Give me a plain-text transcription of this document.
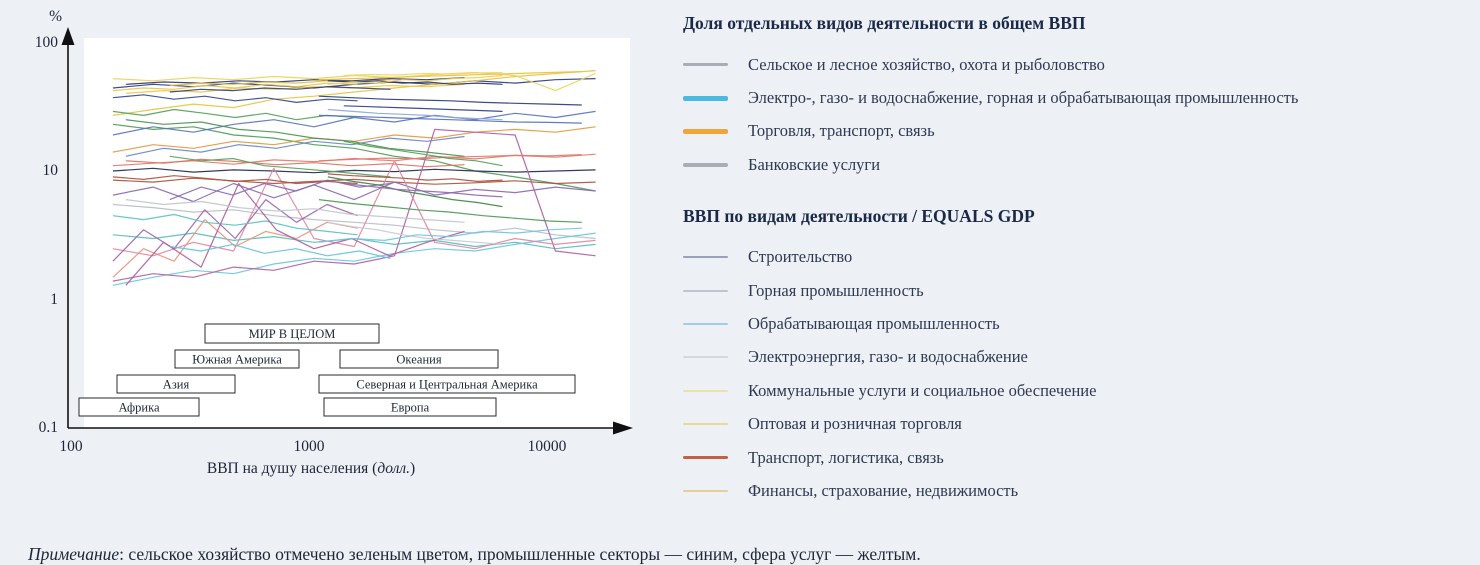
МИР В ЦЕЛОМ
Южная Америка	Океания
Азия	Северная и Центральная Америка
Африка	Европа
100
10
1
0.1
%
100	1000	10000
ВВП на душу населения (долл.)
Доля отдельных видов деятельности в общем ВВП
Сельское и лесное хозяйство, охота и рыболовство
Электро-, газо- и водоснабжение, горная и обрабатывающая промышленность
Торговля, транспорт, связь
Банковские услуги
ВВП по видам деятельности / EQUALS GDP
Строительство
Горная промышленность
Обрабатывающая промышленность
Электроэнергия, газо- и водоснабжение
Коммунальные услуги и социальное обеспечение
Оптовая и розничная торговля
Транспорт, логистика, связь
Финансы, страхование, недвижимость

Примечание: сельское хозяйство отмечено зеленым цветом, промышленные секторы — синим, сфера услуг — желтым.
